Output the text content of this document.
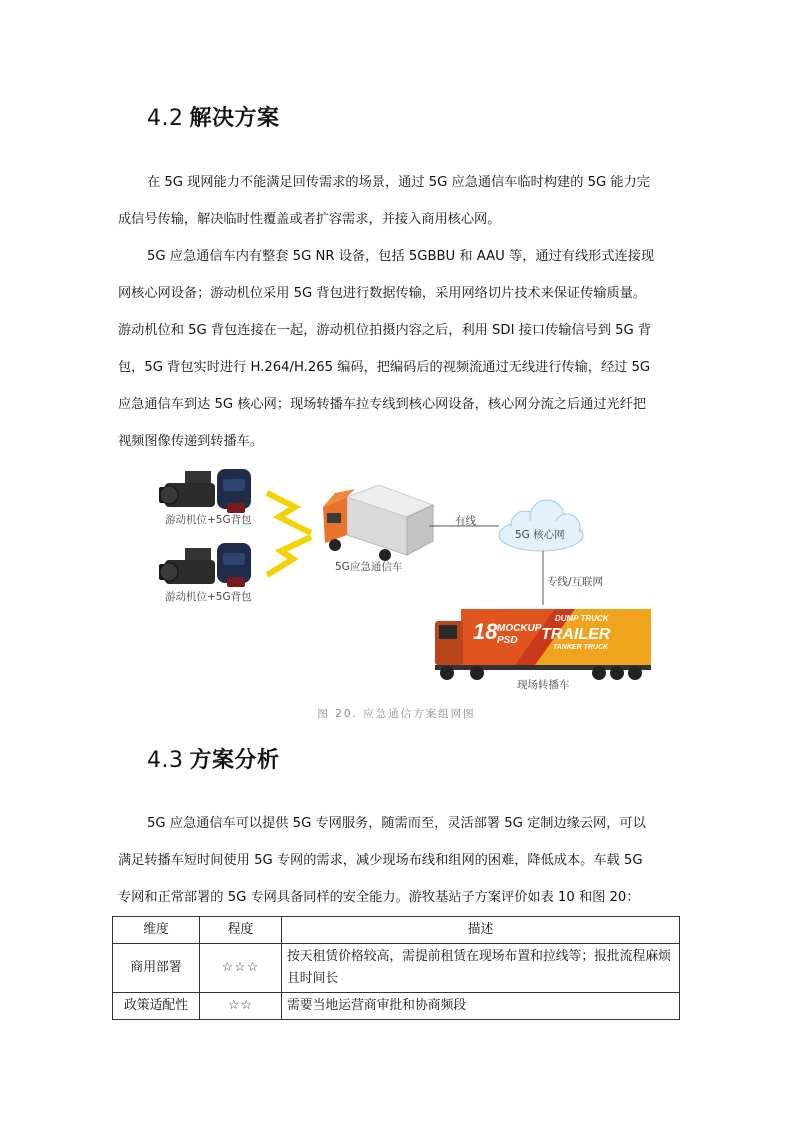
4.2 解决方案
在 5G 现网能力不能满足回传需求的场景，通过 5G 应急通信车临时构建的 5G 能力完
成信号传输，解决临时性覆盖或者扩容需求，并接入商用核心网。
5G 应急通信车内有整套 5G NR 设备，包括 5GBBU 和 AAU 等，通过有线形式连接现
网核心网设备；游动机位采用 5G 背包进行数据传输，采用网络切片技术来保证传输质量。
游动机位和 5G 背包连接在一起，游动机位拍摄内容之后，利用 SDI 接口传输信号到 5G 背
包，5G 背包实时进行 H.264/H.265 编码，把编码后的视频流通过无线进行传输，经过 5G
应急通信车到达 5G 核心网；现场转播车拉专线到核心网设备，核心网分流之后通过光纤把
视频图像传递到转播车。
18 MOCKUP
PSD
DUMP TRUCK
TRAILER
TANKER TRUCK
游动机位+5G背包
游动机位+5G背包
5G应急通信车
有线
5G 核心网
专线/互联网
现场转播车
图 20. 应急通信方案组网图
4.3 方案分析
5G 应急通信车可以提供 5G 专网服务，随需而至，灵活部署 5G 定制边缘云网，可以
满足转播车短时间使用 5G 专网的需求，减少现场布线和组网的困难，降低成本。车载 5G
专网和正常部署的 5G 专网具备同样的安全能力。游牧基站子方案评价如表 10 和图 20：
维度	程度	描述
商用部署	☆☆☆	按天租赁价格较高，需提前租赁在现场布置和拉线等；报批流程麻烦且时间长
政策适配性	☆☆	需要当地运营商审批和协商频段
